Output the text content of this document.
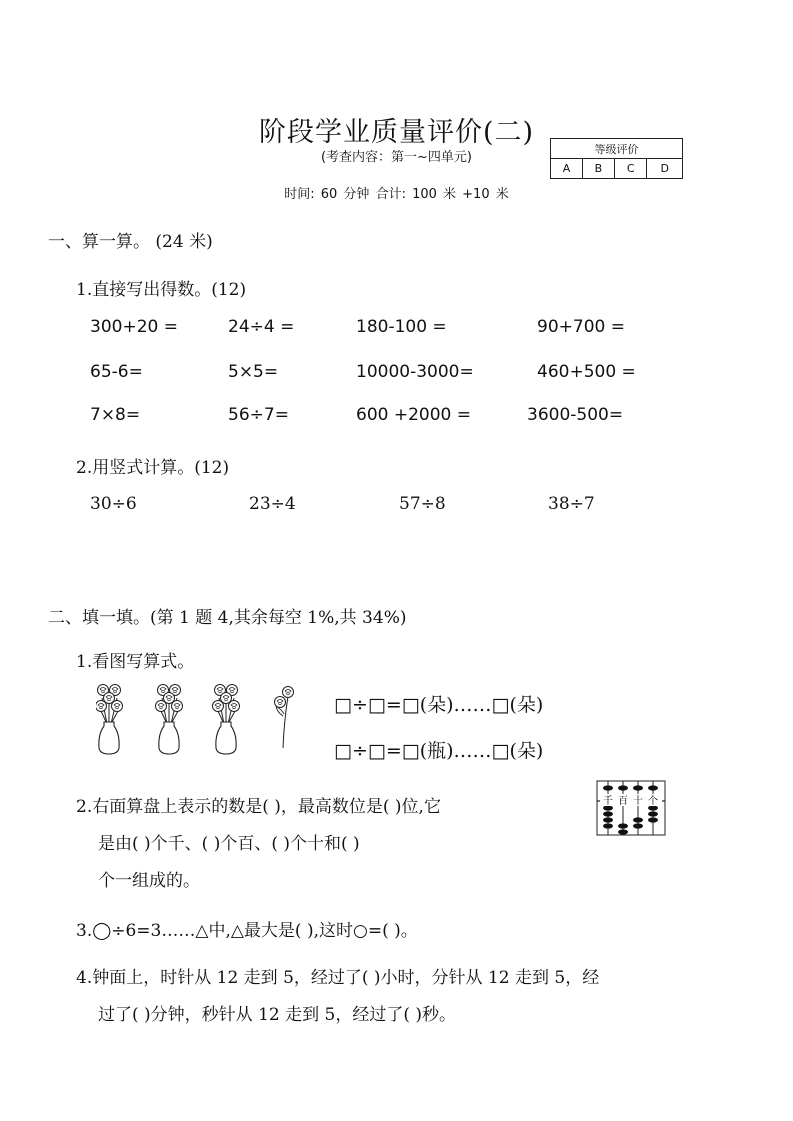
阶段学业质量评价(二)
(考查内容：第一~四单元)
时间: 60 分钟 合计: 100 米 +10 米
等级评价
A	B	C	D
一、算一算。 (24 米)
1.直接写出得数。(12)
300+20 =	24÷4 =	180-100 =	90+700 =
65-6=	5×5=	10000-3000=	460+500 =
7×8=	56÷7=	600 +2000 =	3600-500=
2.用竖式计算。(12)
30÷6	23÷4	57÷8	38÷7
二、填一填。(第 1 题 4,其余每空 1%,共 34%)
1.看图写算式。
□÷□=□(朵)……□(朵)
□÷□=□(瓶)……□(朵)
2.右面算盘上表示的数是( )，最高数位是( )位,它
是由( )个千、( )个百、( )个十和( )
个一组成的。
千 百 十 个
3.◯÷6=3……△中,△最大是( ),这时○=( )。
4.钟面上，时针从 12 走到 5，经过了( )小时，分针从 12 走到 5，经
过了( )分钟，秒针从 12 走到 5，经过了( )秒。
